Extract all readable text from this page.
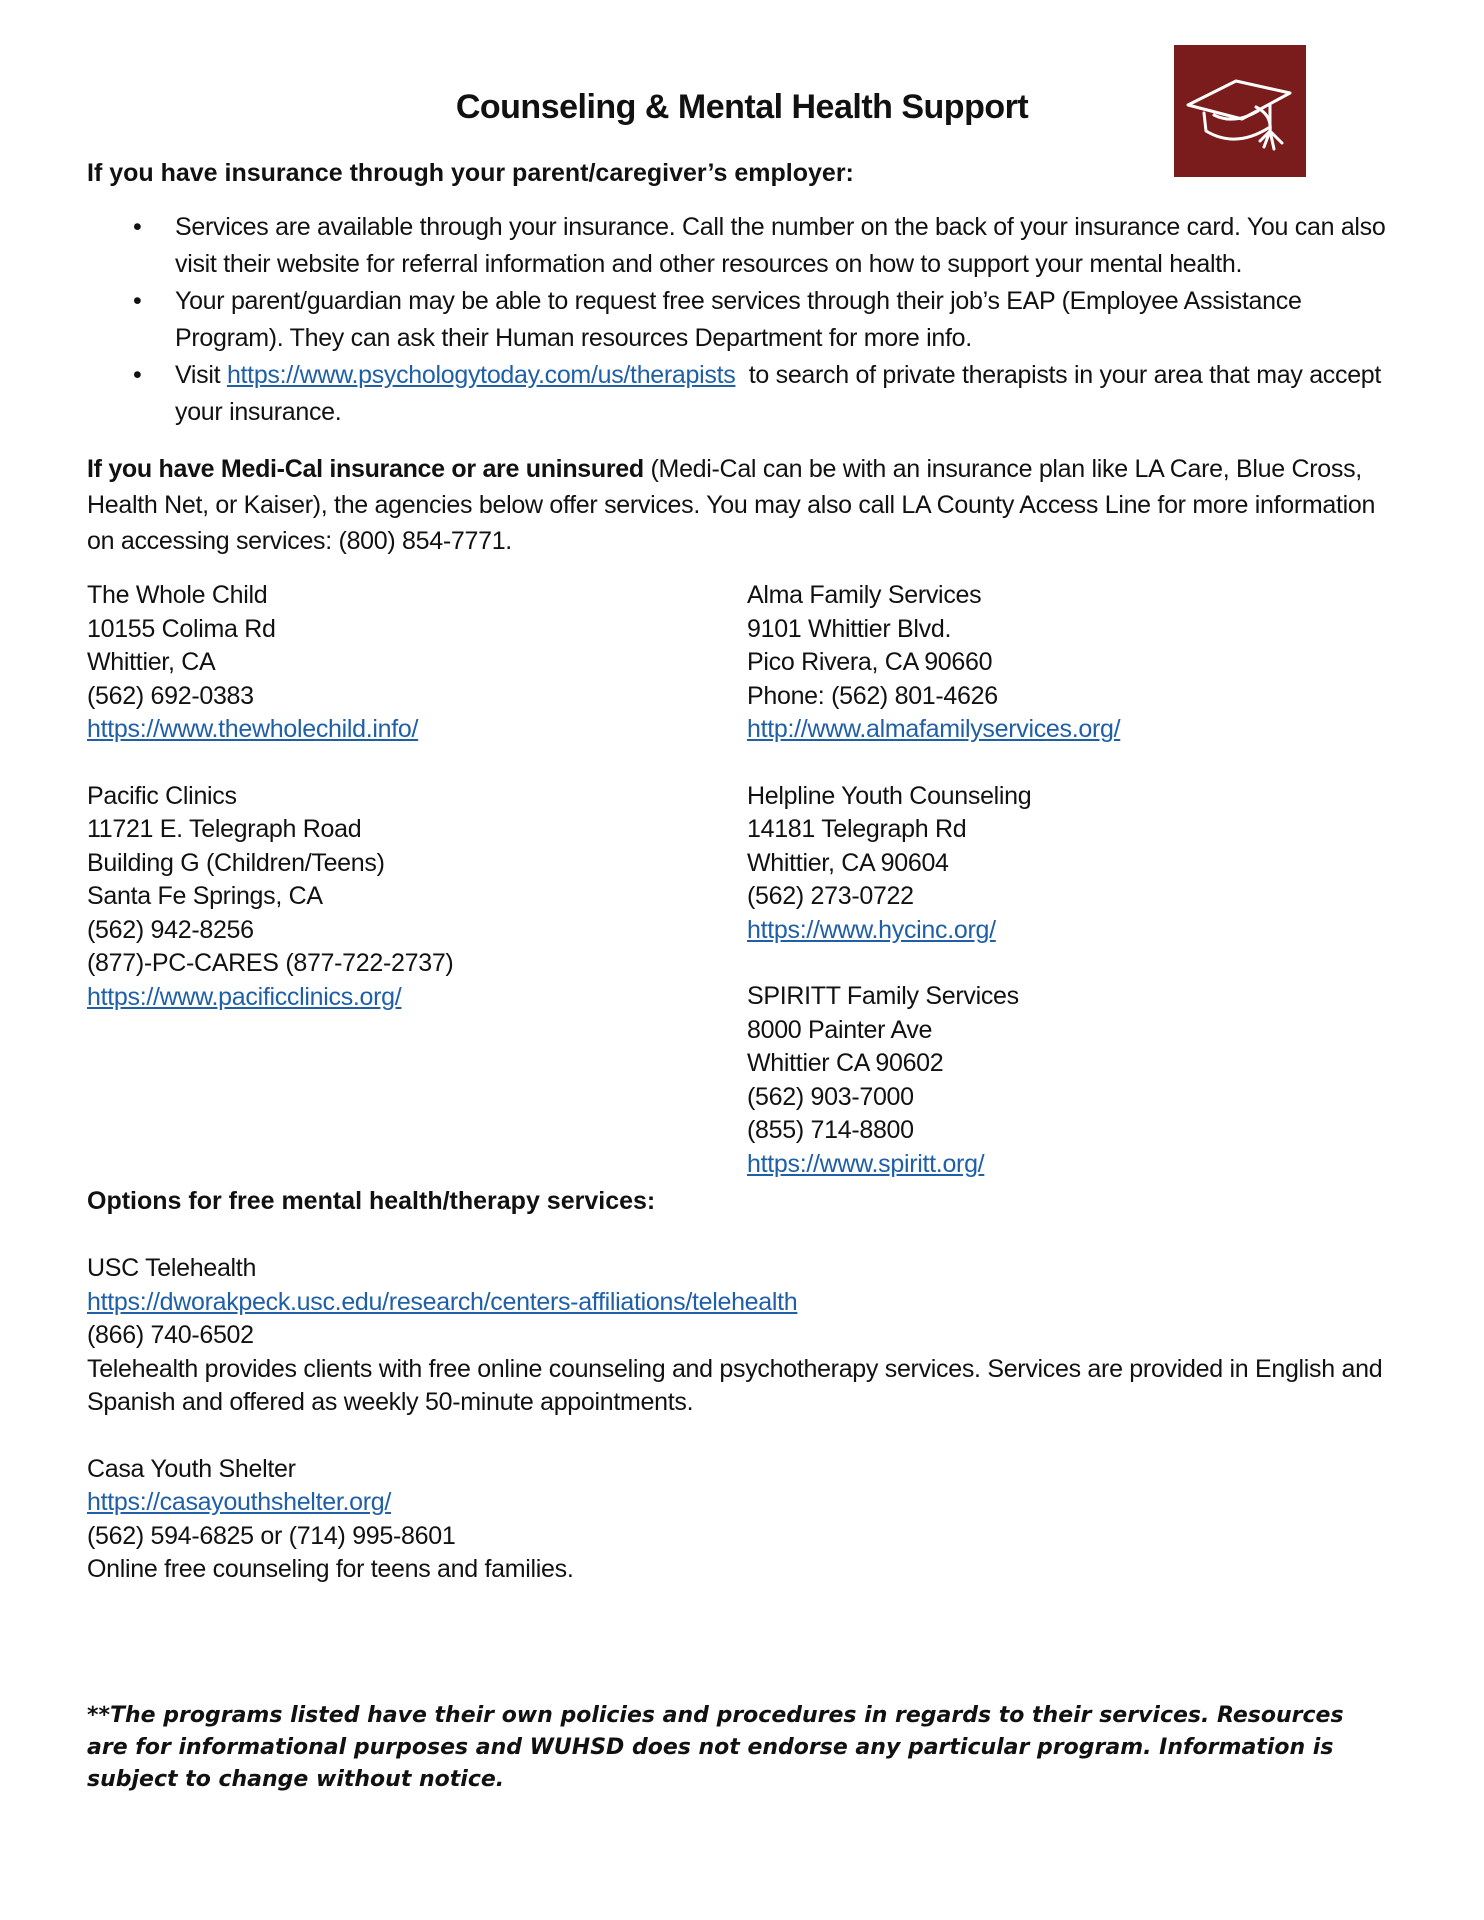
Counseling & Mental Health Support

If you have insurance through your parent/caregiver’s employer:

• Services are available through your insurance. Call the number on the back of your insurance card. You can also visit their website for referral information and other resources on how to support your mental health.
• Your parent/guardian may be able to request free services through their job’s EAP (Employee Assistance Program). They can ask their Human resources Department for more info.
• Visit https://www.psychologytoday.com/us/therapists  to search of private therapists in your area that may accept your insurance.

If you have Medi-Cal insurance or are uninsured (Medi-Cal can be with an insurance plan like LA Care, Blue Cross, Health Net, or Kaiser), the agencies below offer services. You may also call LA County Access Line for more information on accessing services: (800) 854-7771.

The Whole Child
10155 Colima Rd
Whittier, CA
(562) 692-0383
https://www.thewholechild.info/
Pacific Clinics
11721 E. Telegraph Road
Building G (Children/Teens)
Santa Fe Springs, CA
(562) 942-8256
(877)-PC-CARES (877-722-2737)
https://www.pacificclinics.org/
Alma Family Services
9101 Whittier Blvd.
Pico Rivera, CA 90660
Phone: (562) 801-4626
http://www.almafamilyservices.org/
Helpline Youth Counseling
14181 Telegraph Rd
Whittier, CA 90604
(562) 273-0722
https://www.hycinc.org/
SPIRITT Family Services
8000 Painter Ave
Whittier CA 90602
(562) 903-7000
(855) 714-8800
https://www.spiritt.org/

Options for free mental health/therapy services:

USC Telehealth
https://dworakpeck.usc.edu/research/centers-affiliations/telehealth
(866) 740-6502
Telehealth provides clients with free online counseling and psychotherapy services. Services are provided in English and Spanish and offered as weekly 50-minute appointments.
Casa Youth Shelter
https://casayouthshelter.org/
(562) 594-6825 or (714) 995-8601
Online free counseling for teens and families.
**The programs listed have their own policies and procedures in regards to their services. Resources are for informational purposes and WUHSD does not endorse any particular program. Information is subject to change without notice.
